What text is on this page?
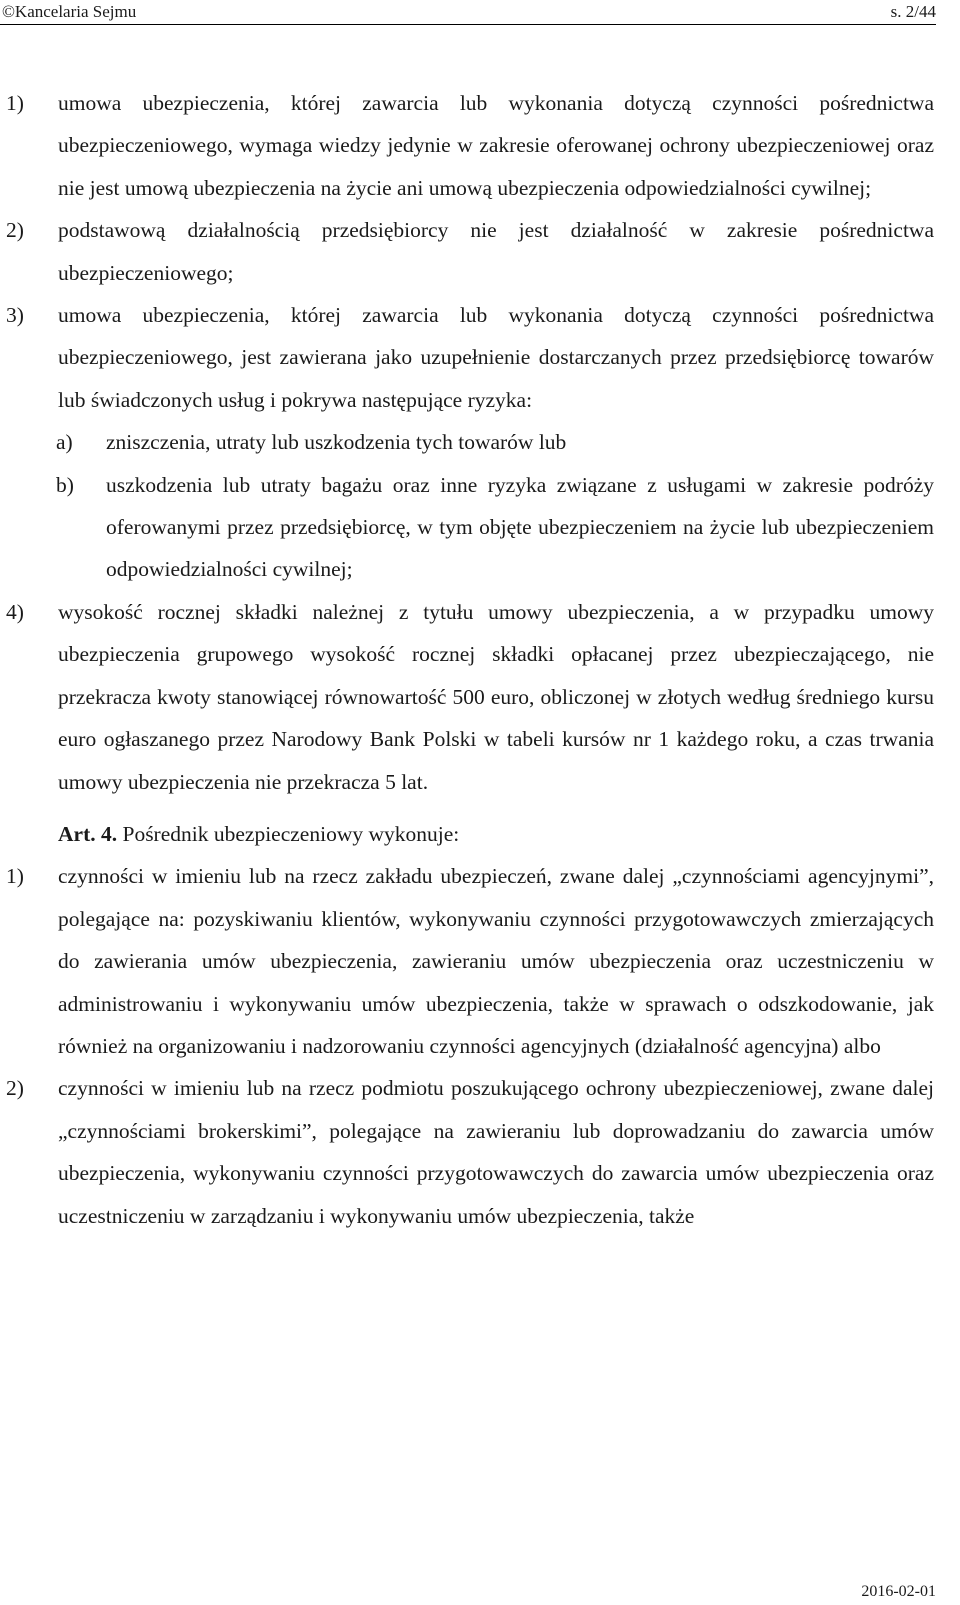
©Kancelaria Sejmu	s. 2/44
1) umowa ubezpieczenia, której zawarcia lub wykonania dotyczą czynności pośrednictwa ubezpieczeniowego, wymaga wiedzy jedynie w zakresie oferowanej ochrony ubezpieczeniowej oraz nie jest umową ubezpieczenia na życie ani umową ubezpieczenia odpowiedzialności cywilnej;
2) podstawową działalnością przedsiębiorcy nie jest działalność w zakresie pośrednictwa ubezpieczeniowego;
3) umowa ubezpieczenia, której zawarcia lub wykonania dotyczą czynności pośrednictwa ubezpieczeniowego, jest zawierana jako uzupełnienie dostarczanych przez przedsiębiorcę towarów lub świadczonych usług i pokrywa następujące ryzyka:
a) zniszczenia, utraty lub uszkodzenia tych towarów lub
b) uszkodzenia lub utraty bagażu oraz inne ryzyka związane z usługami w zakresie podróży oferowanymi przez przedsiębiorcę, w tym objęte ubezpieczeniem na życie lub ubezpieczeniem odpowiedzialności cywilnej;
4) wysokość rocznej składki należnej z tytułu umowy ubezpieczenia, a w przypadku umowy ubezpieczenia grupowego wysokość rocznej składki opłacanej przez ubezpieczającego, nie przekracza kwoty stanowiącej równowartość 500 euro, obliczonej w złotych według średniego kursu euro ogłaszanego przez Narodowy Bank Polski w tabeli kursów nr 1 każdego roku, a czas trwania umowy ubezpieczenia nie przekracza 5 lat.
Art. 4. Pośrednik ubezpieczeniowy wykonuje:
1) czynności w imieniu lub na rzecz zakładu ubezpieczeń, zwane dalej „czynnościami agencyjnymi”, polegające na: pozyskiwaniu klientów, wykonywaniu czynności przygotowawczych zmierzających do zawierania umów ubezpieczenia, zawieraniu umów ubezpieczenia oraz uczestniczeniu w administrowaniu i wykonywaniu umów ubezpieczenia, także w sprawach o odszkodowanie, jak również na organizowaniu i nadzorowaniu czynności agencyjnych (działalność agencyjna) albo
2) czynności w imieniu lub na rzecz podmiotu poszukującego ochrony ubezpieczeniowej, zwane dalej „czynnościami brokerskimi”, polegające na zawieraniu lub doprowadzaniu do zawarcia umów ubezpieczenia, wykonywaniu czynności przygotowawczych do zawarcia umów ubezpieczenia oraz uczestniczeniu w zarządzaniu i wykonywaniu umów ubezpieczenia, także
2016-02-01
